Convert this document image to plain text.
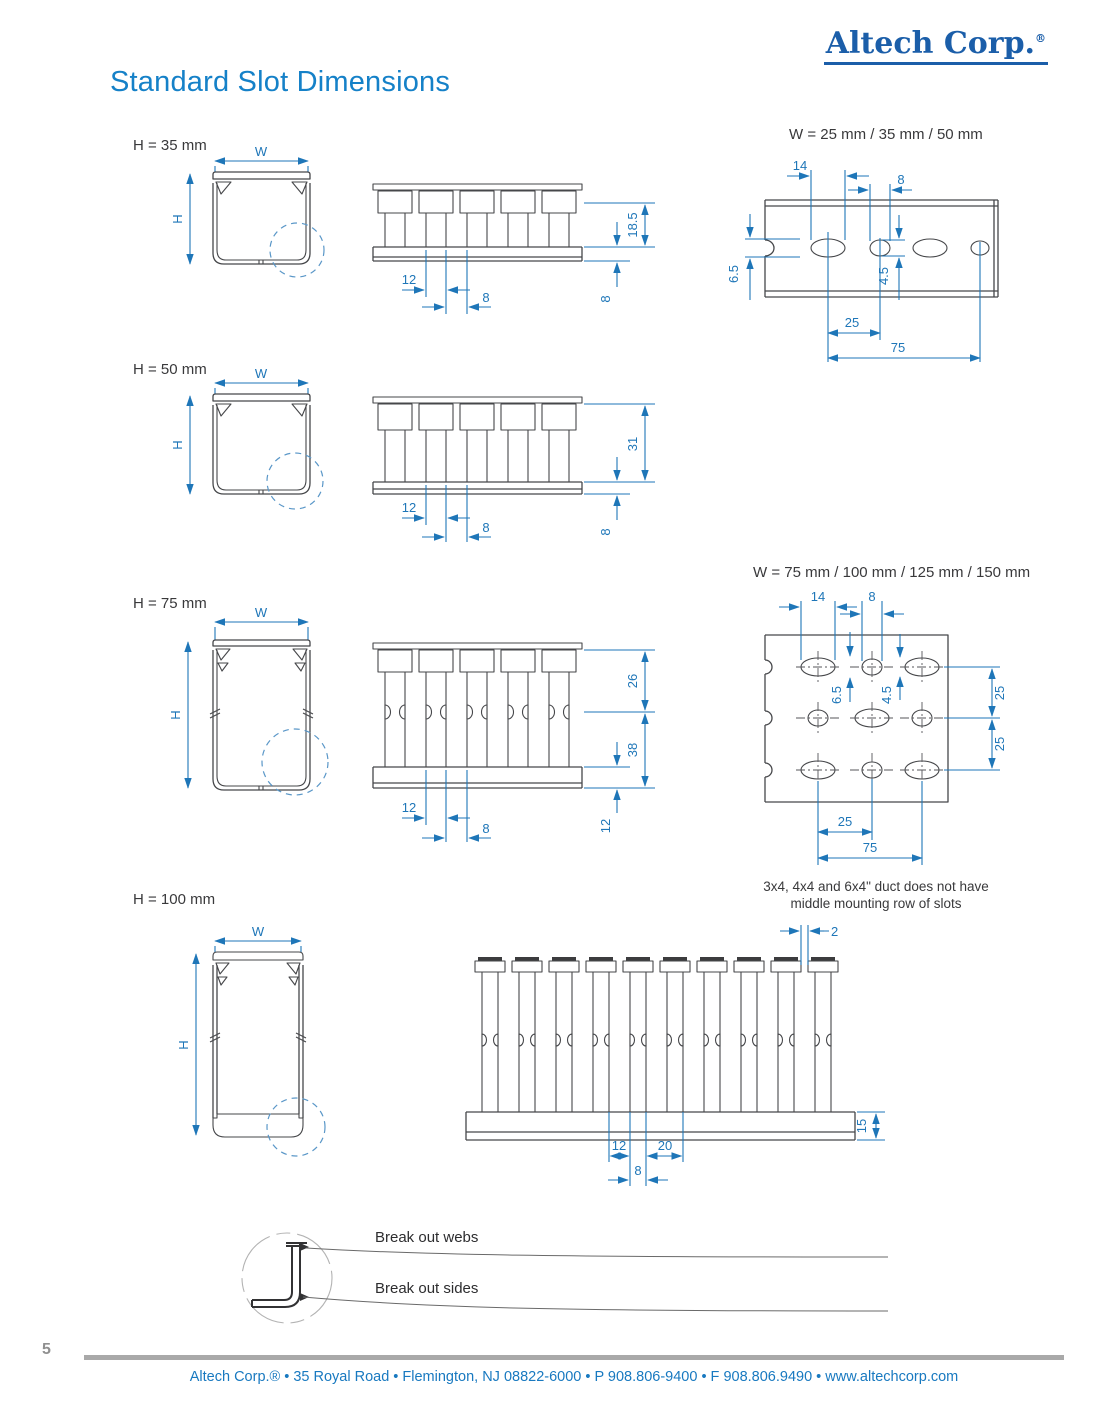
W
H	18.5
8
12
8
14
8
6.5	4.5
25
75
W
H	31
8
12
8
W
H
26
38
12
12
8
14	8
6.5	4.5	25
25
25
75
W
H
2
15
12 20
8
Break out webs
Break out sides
Altech Corp.®
Standard Slot Dimensions
H = 35 mm
W = 25 mm / 35 mm / 50 mm
H = 50 mm
W = 75 mm / 100 mm / 125 mm / 150 mm
H = 75 mm
H = 100 mm
3x4, 4x4 and 6x4" duct does not have
middle mounting row of slots
5
Altech Corp.® • 35 Royal Road • Flemington, NJ 08822-6000 • P 908.806-9400 • F 908.806.9490 • www.altechcorp.com
